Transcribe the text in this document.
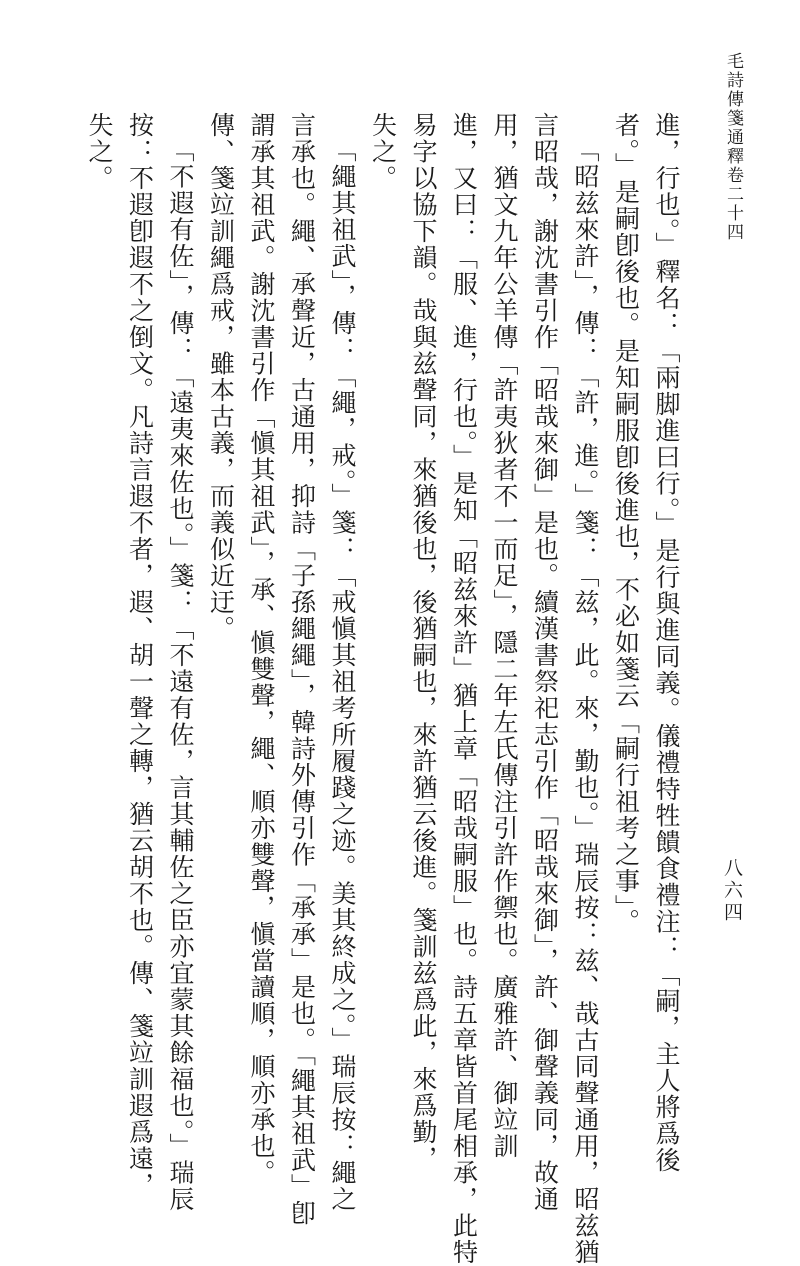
毛詩傳箋通釋卷二十四
八六四
進，行也。」釋名：「兩脚進曰行。」是行與進同義。儀禮特牲饋食禮注：「嗣，主人將爲後
者。」是嗣卽後也。是知嗣服卽後進也，不必如箋云「嗣行祖考之事」。
「昭兹來許」，傳：「許，進。」箋：「兹，此。來，勤也。」瑞辰按：兹、哉古同聲通用，昭兹猶
言昭哉，謝沈書引作「昭哉來御」是也。續漢書祭祀志引作「昭哉來御」，許、御聲義同，故通
用，猶文九年公羊傳「許夷狄者不一而足」，隱二年左氏傳注引許作禦也。廣雅許、御竝訓
進，又曰：「服、進，行也。」是知「昭兹來許」猶上章「昭哉嗣服」也。詩五章皆首尾相承，此特
易字以協下韻。哉與兹聲同，來猶後也，後猶嗣也，來許猶云後進。箋訓兹爲此，來爲勤，
失之。
「繩其祖武」，傳：「繩，戒。」箋：「戒愼其祖考所履踐之迹。美其終成之。」瑞辰按：繩之
言承也。繩、承聲近，古通用，抑詩「子孫繩繩」，韓詩外傳引作「承承」是也。「繩其祖武」卽
謂承其祖武。謝沈書引作「愼其祖武」，承、愼雙聲，繩、順亦雙聲，愼當讀順，順亦承也。
傳、箋竝訓繩爲戒，雖本古義，而義似近迂。
「不遐有佐」，傳：「遠夷來佐也。」箋：「不遠有佐，言其輔佐之臣亦宜蒙其餘福也。」瑞辰
按：不遐卽遐不之倒文。凡詩言遐不者，遐、胡一聲之轉，猶云胡不也。傳、箋竝訓遐爲遠，
失之。
